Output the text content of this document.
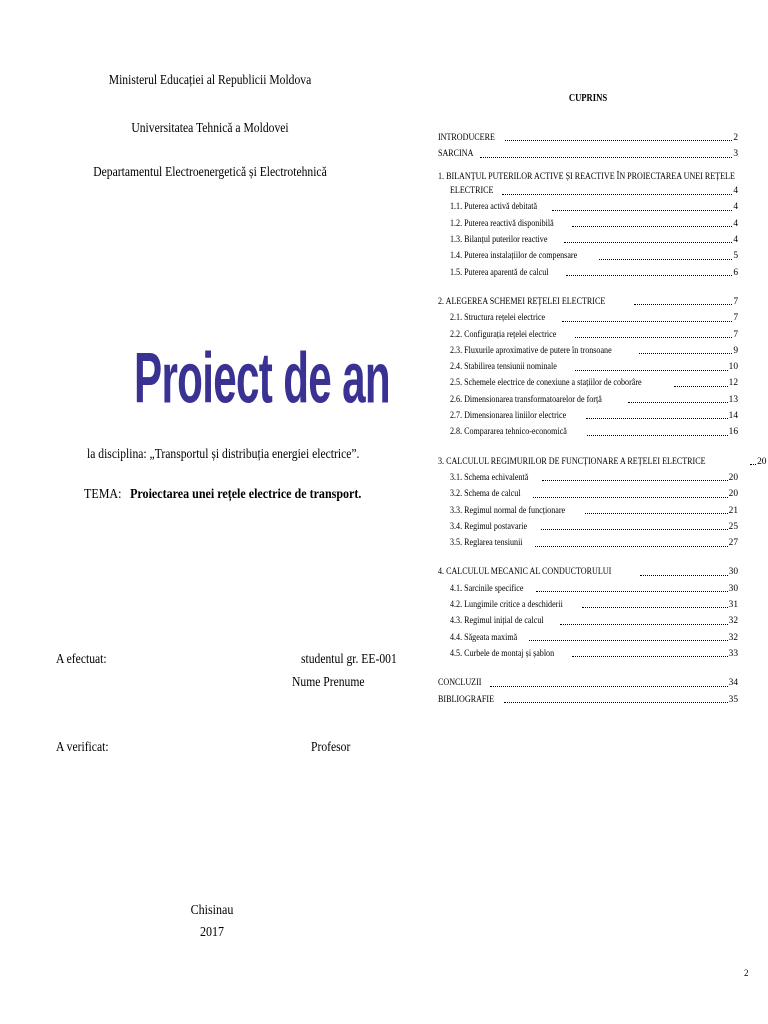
Ministerul Educației al Republicii Moldova
Universitatea Tehnică a Moldovei
Departamentul Electroenergetică și Electrotehnică
Proiect de an
la disciplina: „Transportul și distribuția energiei electrice”.
TEMA: Proiectarea unei rețele electrice de transport.
A efectuat:	studentul gr. EE-001
Nume Prenume
A verificat:	Profesor
Chisinau
2017
CUPRINS
INTRODUCERE	2
SARCINA	3
1. BILANȚUL PUTERILOR ACTIVE ȘI REACTIVE ÎN PROIECTAREA UNEI REȚELE
ELECTRICE	4
1.1. Puterea activă debitată	4
1.2. Puterea reactivă disponibilă	4
1.3. Bilanțul puterilor reactive	4
1.4. Puterea instalațiilor de compensare	5
1.5. Puterea aparentă de calcul	6
2. ALEGEREA SCHEMEI REȚELEI ELECTRICE	7
2.1. Structura rețelei electrice	7
2.2. Configurația rețelei electrice	7
2.3. Fluxurile aproximative de putere în tronsoane	9
2.4. Stabilirea tensiunii nominale	10
2.5. Schemele electrice de conexiune a stațiilor de coborâre	12
2.6. Dimensionarea transformatoarelor de forță	13
2.7. Dimensionarea liniilor electrice	14
2.8. Compararea tehnico-economică	16
3. CALCULUL REGIMURILOR DE FUNCȚIONARE A REȚELEI ELECTRICE	20
3.1. Schema echivalentă	20
3.2. Schema de calcul	20
3.3. Regimul normal de funcționare	21
3.4. Regimul postavarie	25
3.5. Reglarea tensiunii	27
4. CALCULUL MECANIC AL CONDUCTORULUI	30
4.1. Sarcinile specifice	30
4.2. Lungimile critice a deschiderii	31
4.3. Regimul inițial de calcul	32
4.4. Săgeata maximă	32
4.5. Curbele de montaj și șablon	33
CONCLUZII	34
BIBLIOGRAFIE	35
2
